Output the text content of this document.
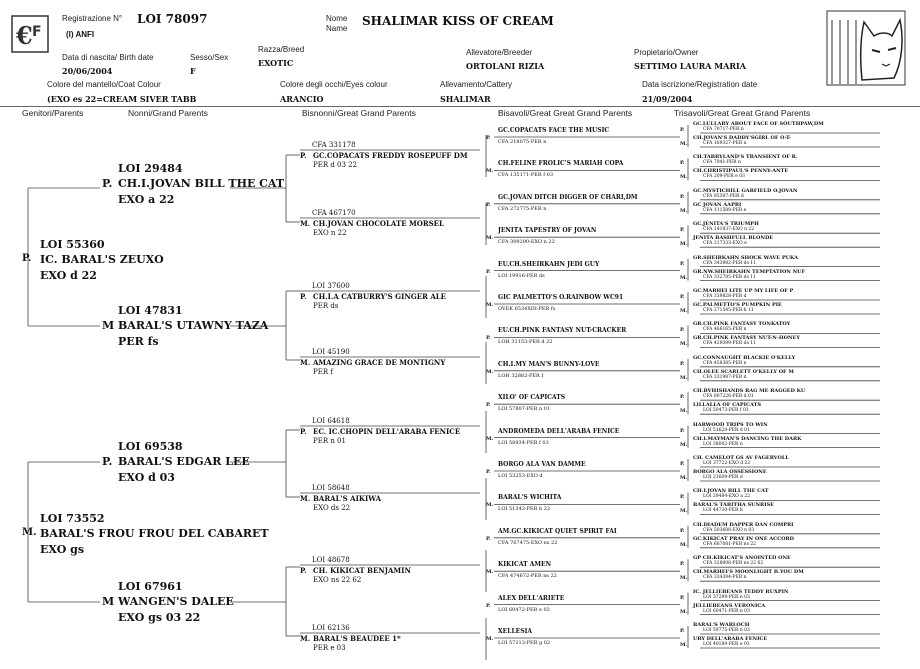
€ F
Registrazione N° LOI 78097
(I) ANFI
Nome
Name
SHALIMAR KISS OF CREAM
Data di nascita/ Birth date
20/06/2004
Sesso/Sex
F
Razza/Breed
EXOTIC
Allevatore/Breeder
ORTOLANI RIZIA
Propietario/Owner
SETTIMO LAURA MARIA
Colore del mantello/Coat Colour
(EXO es 22=CREAM SIVER TABB
Colore degli occhi/Eyes colour
ARANCIO
Allevamento/Cattery
SHALIMAR
Data iscrizione/Registration date
21/09/2004
Genitori/Parents	Nonni/Grand Parents	Bisnonni/Great Grand Parents	Bisavoli/Great Great Grand Parents	Trisavoli/Great Great Grand Parents
LOI 55360
P. IC. BARAL'S ZEUXO
EXO d 22
LOI 73552
M. BARAL'S FROU FROU DEL CABARET
EXO gs
LOI 29484
P. CH.I.JOVAN BILL THE CAT
EXO a 22
LOI 47831
M BARAL'S UTAWNY TAZA
PER fs
LOI 69538
P. BARAL'S EDGAR LEE
EXO d 03
LOI 67961
M WANGEN'S DALEE
EXO gs 03 22
CFA 331178
P. GC.COPACATS FREDDY ROSEPUFF DM
PER d 03 22
CFA 467170
M. CH.JOVAN CHOCOLATE MORSEL
EXO n 22
LOI 37600
P. CH.I.A CATBURRY'S GINGER ALE
PER ds
LOI 45190
M. AMAZING GRACE DE MONTIGNY
PER f
LOI 64618
P. EC. IC.CHOPIN DELL'ARABA FENICE
PER n 01
LOI 58648
M. BARAL'S AIKIWA
EXO ds 22
LOI 48678
P. CH. KIKICAT BENJAMIN
EXO ns 22 62
LOI 62136
M. BARAL'S BEAUDEE 1*
PER e 03
GC.COPACATS FACE THE MUSIC
CFA 218075-PER n
P.
CH.FELINE FROLIC'S MARIAH COPA
CFA 135171-PER f 03
M.
GC.JOVAN DITCH DIGGER OF CHARI,DM
CFA 272775-PER n
P.
JENITA TAPESTRY OF JOVAN
CFA 309290-EXO n 22
M.
EU.CH.SHEIRKAHN JEDI GUY
LOI 19916-PER ds
P.
GIC PALMETTO'S O.RAINBOW WC91
OVEK 6534XIII-PER fs
M.
EU.CH.PINK FANTASY NUT-CRACKER
LOH 31153-PER d 22
P.
CH.I.MY MAN'S BUNNY-LOVE
LOH 32882-PER f
M.
XILO' OF CAPICATS
LOI 57807-PER n 01
P.
ANDROMEDA DELL'ARABA FENICE
LOI 58934-PER f 03
M.
BORGO ALA VAN DAMME
LOI 53253-EXO d
P.
BARAL'S WICHITA
LOI 51343-PER h 22
M.
AM.GC.KIKICAT QUIET SPIRIT FAI
CFA 767475-EXO ns 22
P.
KIKICAT AMEN
CFA 474672-PER ns 22
M.
ALEX DELL'ARIETE
LOI 60472-PER e 03
P.
XELLESIA
LOI 57213-PER g 02
M.
GC.LULLABY ABOUT FACE OF SOUTHPAW,DM
CFA 70717-PER n
P.
CH.JOVAN'S DADDY'SGIRL OF O-T-
CFA 169327-PER n
M.
CH.TABBYLAND'S TRANSIENT OF R.
CFA 7041-PER n
P.
CH.CHRISTIPAUL'S PENNY-ANTE
CFA 209-PER e 03
M.
GC.MYSTICHILL GARFIELD O.JOVAN
CFA 85307-PER d
P.
GC JOVAN AAPRI
CFA 111589-PER e
M.
GC.JENITA'S TRIUMPH
CFA 141837-EXO n 22
P.
JENITA BASHFULL BLONDE
CFA 217333-EXO e
M.
GR.SHEIRKAHN SHOCK WAVE PUKA
CFA 343982-PER ds 11
P.
GR.NW.SHEIRKAHN TEMPTATION NUF
CFA 332785-PER ds 11
M.
GC.MARHEI LITE UP MY LIFE OF P
CFA 339828-PER d
P.
GC.PALMETTO'S PUMPKIN PIE
CFA 271545-PER h 11
M.
GR.CH.PINK FANTASY TONKATOY
CFA 466165-PER n
P.
GR.CH.PINK FANTASY NUT-N-HONEY
CFA 429399-PER ds 11
M.
GC.CONNAUGHT BLACKIE O'KELLY
CFA 458385-PER n
P.
CH.OLEE SCARLETT O'KELLY OF M
CFA 331987-PER d
M.
CH.BVHISHANDS RAG ME RAGGED KU
CFA 807226-PER d 01
P.
LILLALLA OF CAPICATS
LOI 50473-PER f 03
M.
HARWOOD TRIPS TO WIN
LOI 51620-PER d 01
P.
CH.I.MAYMAN'S DANCING THE DARK
LOI 38002-PER n
M.
CH. CAMELOT GS AV FAGERVOLL
LOI 37722-EXO d 22
P.
BORGO ALA OSSESSIONE
LOI 21609-PER d
M.
CH.I.JOVAN BILL THE CAT
LOI 29484-EXO a 22
P.
BARAL'S TABITHA SUNRISE
LOI 44730-PER h
M.
CH.DIADEM DAPPER DAN COMPRI
CFA 503608-EXO n 03
P.
GC.KIKICAT PRAY IN ONE ACCORD
CFA 667081-PER ns 22
M.
GP CH.KIKICAT'S ANOINTED ONE
CFA 328008-PER ns 22 62
P.
CH.MARHEI'S MOONLIGHT B.YOU DM
CFA 334384-PER n
M.
IC. JELLIEBEANS TEDDY RUXPIN
LOI 57299-PER n 03
P.
JELLIEBEANS VERONICA
LOI 60471-PER n 03
M.
BARAL'S WARLOCH
LOI 59775-PER n 03
P.
URY DELL'ARABA FENICE
LOI 40189-PER e 03
M.
